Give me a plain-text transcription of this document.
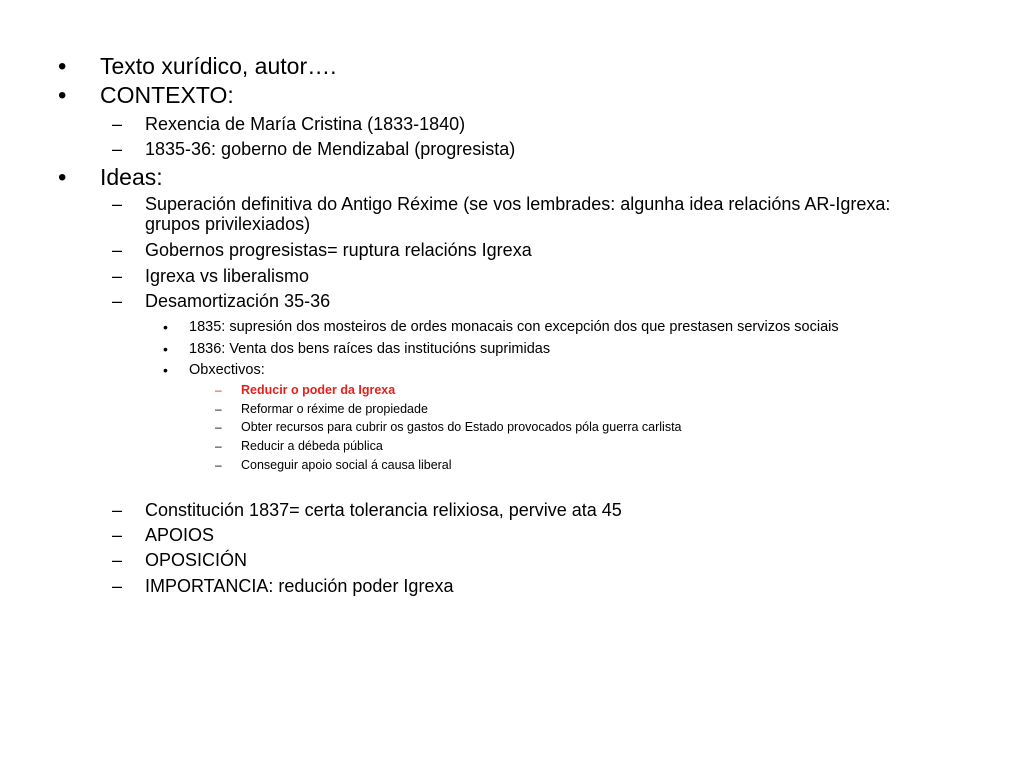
• Texto xurídico, autor….
• CONTEXTO:
– Rexencia de María Cristina (1833-1840)
– 1835-36: goberno de Mendizabal (progresista)
• Ideas:
– Superación definitiva do Antigo Réxime (se vos lembrades: algunha idea relacións AR-Igrexa:
grupos privilexiados)
– Gobernos progresistas= ruptura relacións Igrexa
– Igrexa vs liberalismo
– Desamortización 35-36
• 1835: supresión dos mosteiros de ordes monacais con excepción dos que prestasen servizos sociais
• 1836: Venta dos bens raíces das institucións suprimidas
• Obxectivos:
– Reducir o poder da Igrexa
– Reformar o réxime de propiedade
– Obter recursos para cubrir os gastos do Estado provocados póla guerra carlista
– Reducir a débeda pública
– Conseguir apoio social á causa liberal
– Constitución 1837= certa tolerancia relixiosa, pervive ata 45
– APOIOS
– OPOSICIÓN
– IMPORTANCIA: redución poder Igrexa
